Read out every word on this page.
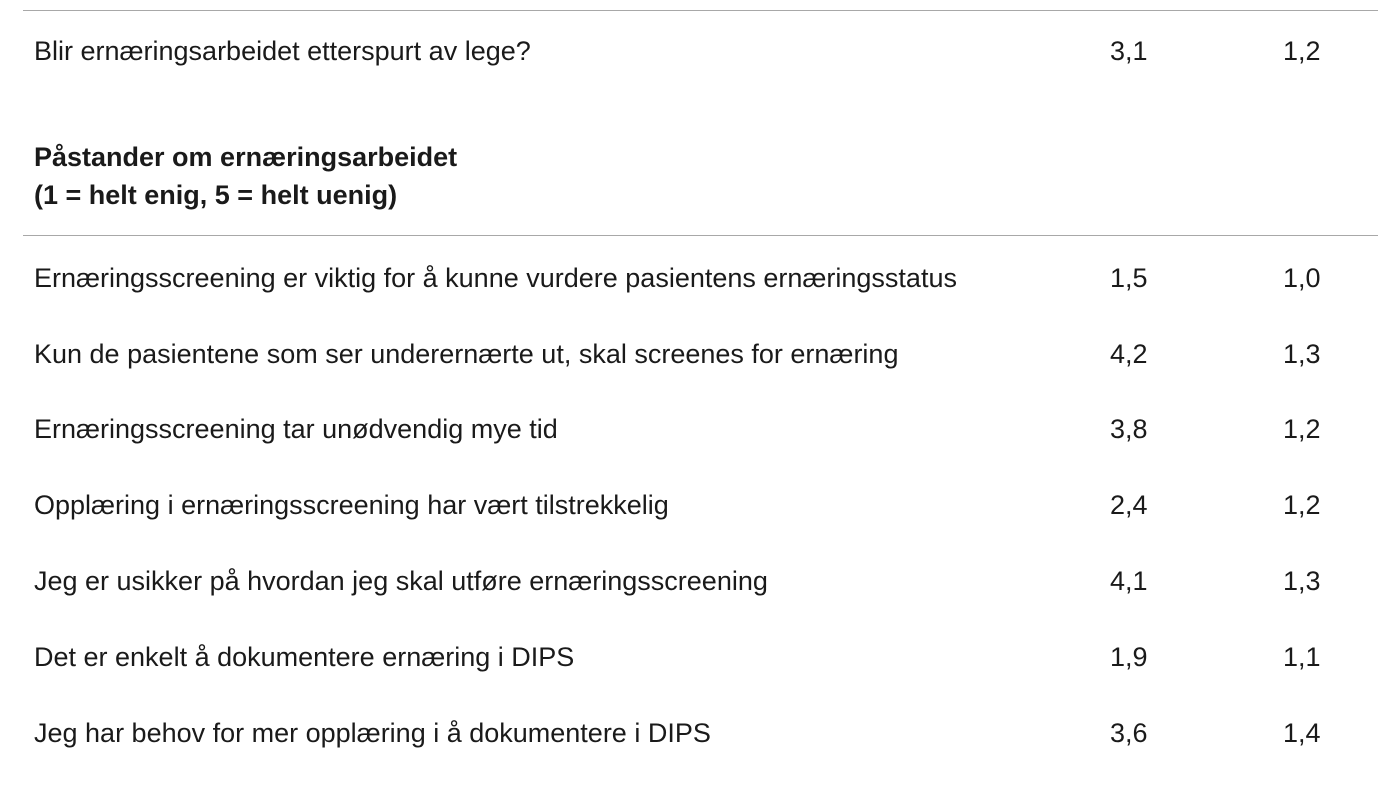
Blir ernæringsarbeidet etterspurt av lege?	3,1	1,2
Påstander om ernæringsarbeidet
(1 = helt enig, 5 = helt uenig)
Ernæringsscreening er viktig for å kunne vurdere pasientens ernæringsstatus	1,5	1,0
Kun de pasientene som ser underernærte ut, skal screenes for ernæring	4,2	1,3
Ernæringsscreening tar unødvendig mye tid	3,8	1,2
Opplæring i ernæringsscreening har vært tilstrekkelig	2,4	1,2
Jeg er usikker på hvordan jeg skal utføre ernæringsscreening	4,1	1,3
Det er enkelt å dokumentere ernæring i DIPS	1,9	1,1
Jeg har behov for mer opplæring i å dokumentere i DIPS	3,6	1,4
